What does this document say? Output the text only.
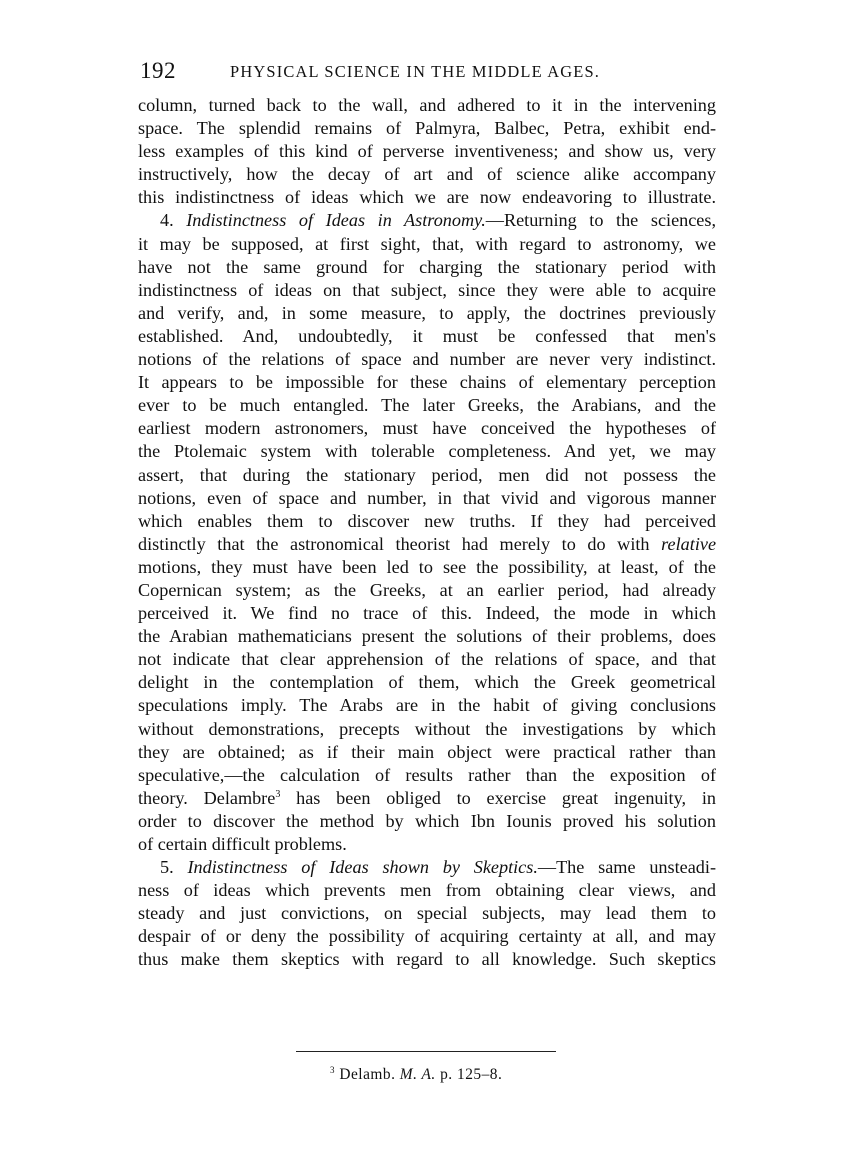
192	PHYSICAL SCIENCE IN THE MIDDLE AGES.
column, turned back to the wall, and adhered to it in the intervening
space. The splendid remains of Palmyra, Balbec, Petra, exhibit end-
less examples of this kind of perverse inventiveness; and show us, very
instructively, how the decay of art and of science alike accompany
this indistinctness of ideas which we are now endeavoring to illustrate.
4. Indistinctness of Ideas in Astronomy.—Returning to the sciences,
it may be supposed, at first sight, that, with regard to astronomy, we
have not the same ground for charging the stationary period with
indistinctness of ideas on that subject, since they were able to acquire
and verify, and, in some measure, to apply, the doctrines previously
established. And, undoubtedly, it must be confessed that men's
notions of the relations of space and number are never very indistinct.
It appears to be impossible for these chains of elementary perception
ever to be much entangled. The later Greeks, the Arabians, and the
earliest modern astronomers, must have conceived the hypotheses of
the Ptolemaic system with tolerable completeness. And yet, we may
assert, that during the stationary period, men did not possess the
notions, even of space and number, in that vivid and vigorous manner
which enables them to discover new truths. If they had perceived
distinctly that the astronomical theorist had merely to do with relative
motions, they must have been led to see the possibility, at least, of the
Copernican system; as the Greeks, at an earlier period, had already
perceived it. We find no trace of this. Indeed, the mode in which
the Arabian mathematicians present the solutions of their problems, does
not indicate that clear apprehension of the relations of space, and that
delight in the contemplation of them, which the Greek geometrical
speculations imply. The Arabs are in the habit of giving conclusions
without demonstrations, precepts without the investigations by which
they are obtained; as if their main object were practical rather than
speculative,—the calculation of results rather than the exposition of
theory. Delambre$^3$ has been obliged to exercise great ingenuity, in
order to discover the method by which Ibn Iounis proved his solution
of certain difficult problems.
5. Indistinctness of Ideas shown by Skeptics.—The same unsteadi-
ness of ideas which prevents men from obtaining clear views, and
steady and just convictions, on special subjects, may lead them to
despair of or deny the possibility of acquiring certainty at all, and may
thus make them skeptics with regard to all knowledge. Such skeptics
$^3$ Delamb. M. A. p. 125–8.
